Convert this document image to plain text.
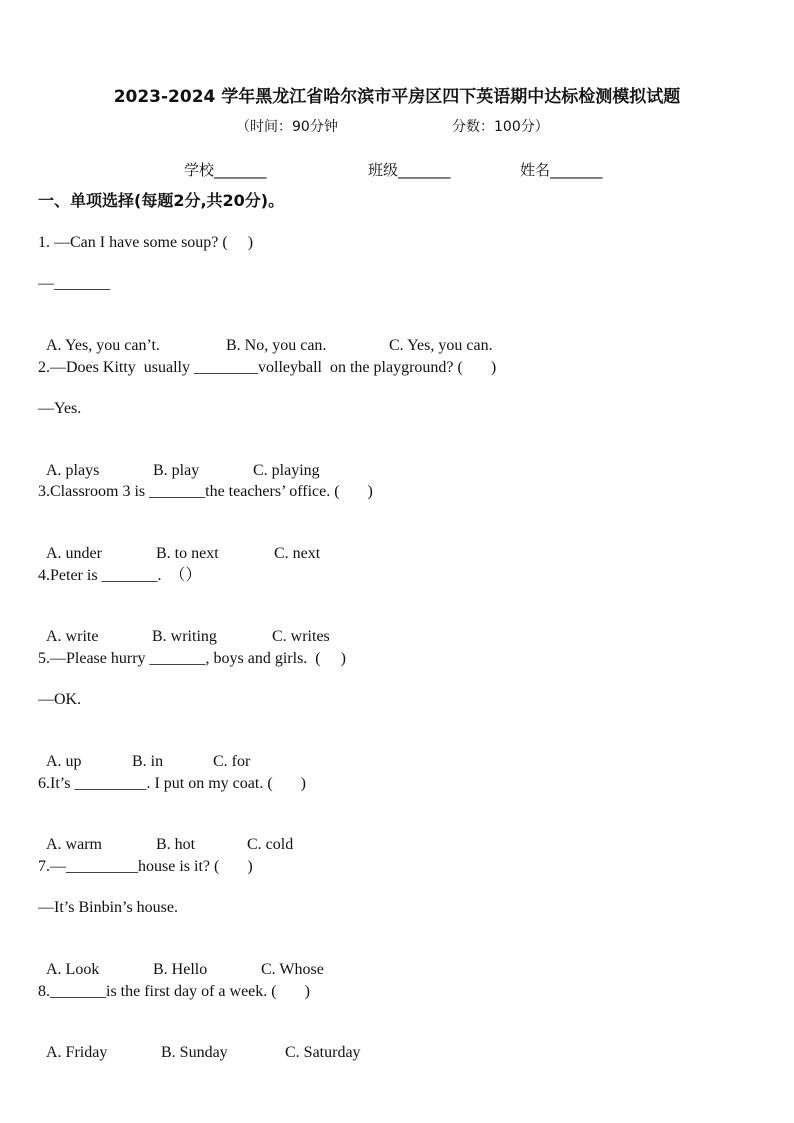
2023-2024 学年黑龙江省哈尔滨市平房区四下英语期中达标检测模拟试题
（时间：90分钟	分数：100分）
学校_______	班级_______	姓名_______
一、单项选择(每题2分,共20分)。
1. —Can I have some soup? (     )
—_______

A. Yes, you can’t.	B. No, you can.	C. Yes, you can.

2.—Does Kitty  usually ________volleyball  on the playground? (       )
—Yes.

A. plays	B. play	C. playing

3.Classroom 3 is _______the teachers’ office. (       )

A. under	B. to next	C. next

4.Peter is _______.  （）

A. write	B. writing	C. writes

5.—Please hurry _______, boys and girls.  (     )
—OK.

A. up	B. in	C. for

6.It’s _________. I put on my coat. (       )

A. warm	B. hot	C. cold

7.—_________house is it? (       )
—It’s Binbin’s house.

A. Look	B. Hello	C. Whose

8._______is the first day of a week. (       )

A. Friday	B. Sunday	C. Saturday
